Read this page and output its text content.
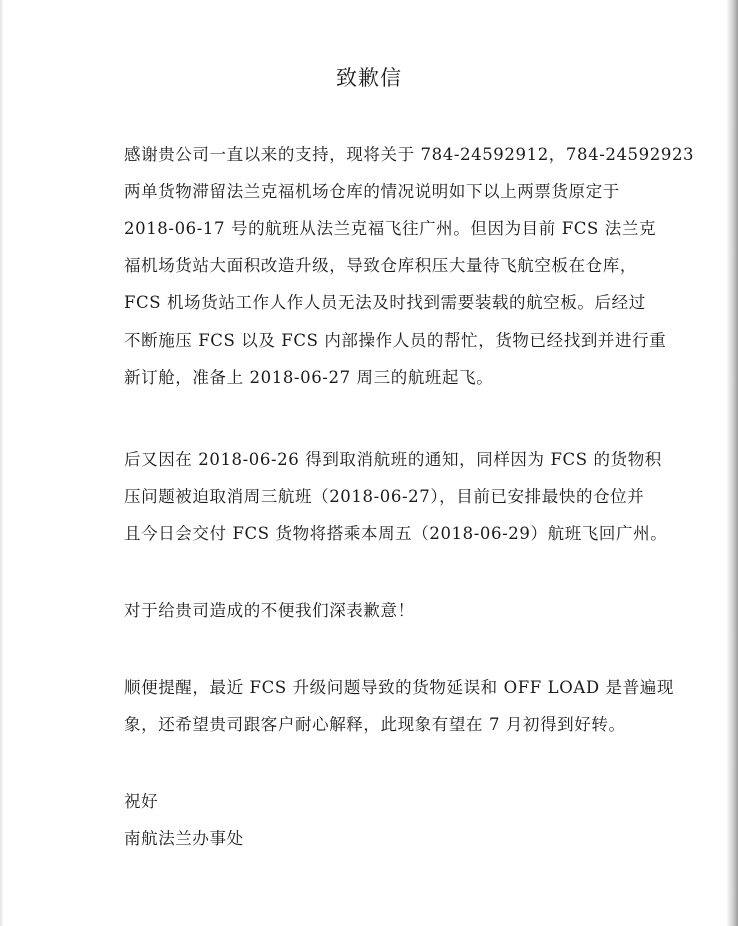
致歉信
感谢贵公司一直以来的支持，现将关于 784-24592912，784-24592923
两单货物滞留法兰克福机场仓库的情况说明如下以上两票货原定于
2018-06-17 号的航班从法兰克福飞往广州。但因为目前 FCS 法兰克
福机场货站大面积改造升级，导致仓库积压大量待飞航空板在仓库，
FCS 机场货站工作人作人员无法及时找到需要装载的航空板。后经过
不断施压 FCS 以及 FCS 内部操作人员的帮忙，货物已经找到并进行重
新订舱，准备上 2018-06-27 周三的航班起飞。
后又因在 2018-06-26 得到取消航班的通知，同样因为 FCS 的货物积
压问题被迫取消周三航班（2018-06-27），目前已安排最快的仓位并
且今日会交付 FCS 货物将搭乘本周五（2018-06-29）航班飞回广州。
对于给贵司造成的不便我们深表歉意！
顺便提醒，最近 FCS 升级问题导致的货物延误和 OFF LOAD 是普遍现
象，还希望贵司跟客户耐心解释，此现象有望在 7 月初得到好转。
祝好
南航法兰办事处
